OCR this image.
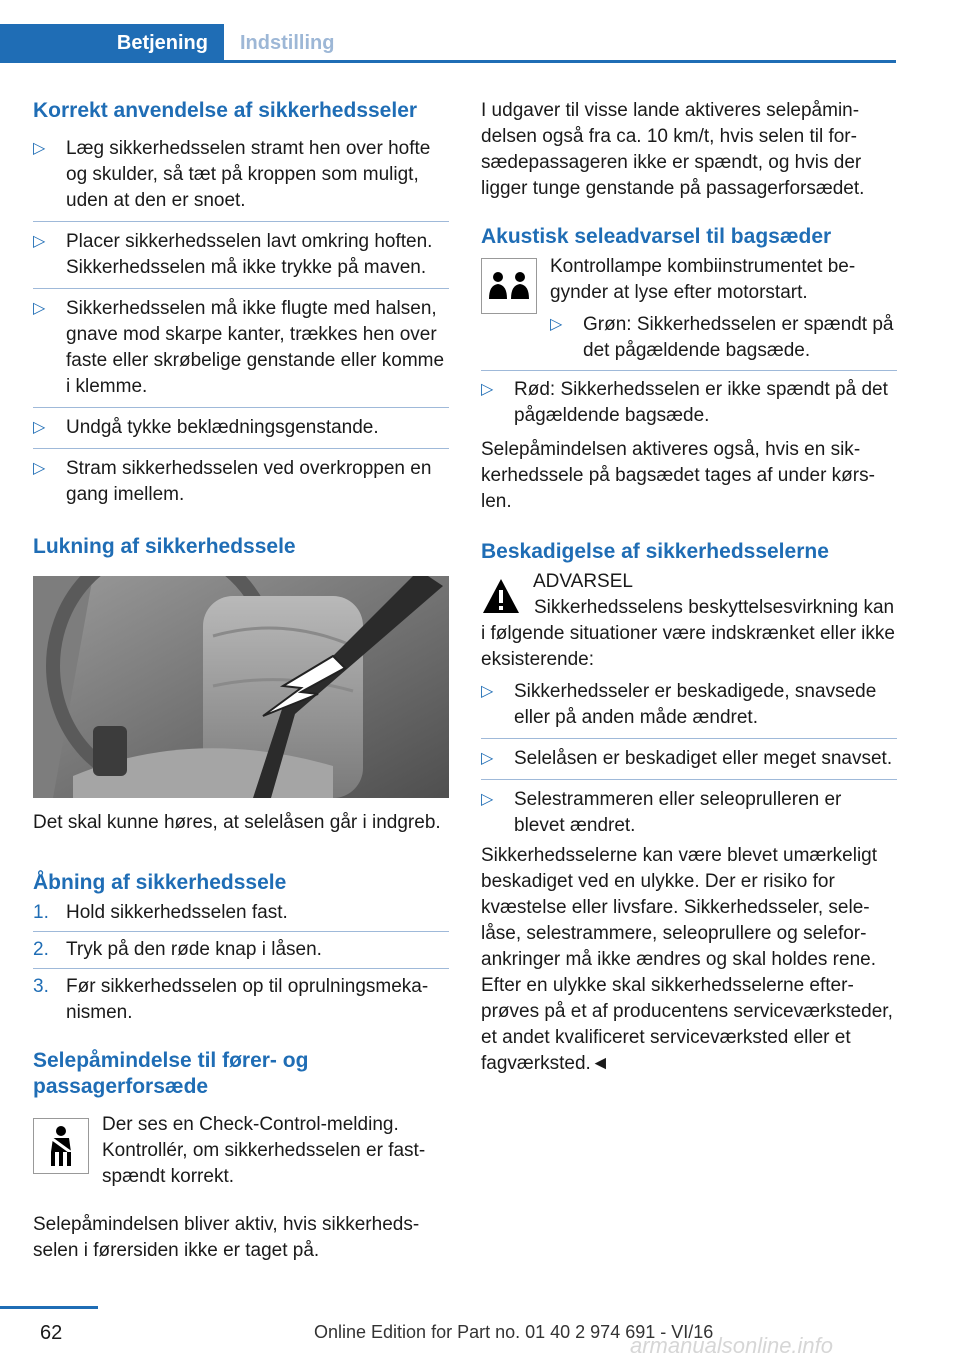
Betjening	Indstilling
Korrekt anvendelse af sikkerhedsseler
▷ Læg sikkerhedsselen stramt hen over hofte og skulder, så tæt på kroppen som muligt, uden at den er snoet.
▷ Placer sikkerhedsselen lavt omkring hoften. Sikkerhedsselen må ikke trykke på maven.
▷ Sikkerhedsselen må ikke flugte med halsen, gnave mod skarpe kanter, trækkes hen over faste eller skrøbelige genstande eller komme i klemme.
▷ Undgå tykke beklædningsgenstande.
▷ Stram sikkerhedsselen ved overkroppen en gang imellem.
Lukning af sikkerhedssele

Det skal kunne høres, at selelåsen går i indgreb.

Åbning af sikkerhedssele
1. Hold sikkerhedsselen fast.
2. Tryk på den røde knap i låsen.
3. Før sikkerhedsselen op til oprulningsmekanismen.
Selepåmindelse til fører- og passagerforsæde

Der ses en Check-Control-melding. Kontrollér, om sikkerhedsselen er fastspændt korrekt.

Selepåmindelsen bliver aktiv, hvis sikkerhedsselen i førersiden ikke er taget på.

I udgaver til visse lande aktiveres selepåmindelsen også fra ca. 10 km/t, hvis selen til forsædepassageren ikke er spændt, og hvis der ligger tunge genstande på passagerforsædet.

Akustisk seleadvarsel til bagsæder

Kontrollampe kombiinstrumentet begynder at lyse efter motorstart.

▷ Grøn: Sikkerhedsselen er spændt på det pågældende bagsæde.
▷ Rød: Sikkerhedsselen er ikke spændt på det pågældende bagsæde.

Selepåmindelsen aktiveres også, hvis en sikkerhedssele på bagsædet tages af under kørslen.

Beskadigelse af sikkerhedsselerne

ADVARSEL

Sikkerhedsselens beskyttelsesvirkning kan i følgende situationer være indskrænket eller ikke eksisterende:

▷ Sikkerhedsseler er beskadigede, snavsede eller på anden måde ændret.
▷ Selelåsen er beskadiget eller meget snavset.
▷ Selestrammeren eller seleoprulleren er blevet ændret.

Sikkerhedsselerne kan være blevet umærkeligt beskadiget ved en ulykke. Der er risiko for kvæstelse eller livsfare. Sikkerhedsseler, selelåse, selestrammere, seleoprullere og seleforankringer må ikke ændres og skal holdes rene. Efter en ulykke skal sikkerhedsselerne efterprøves på et af producentens serviceværksteder, et andet kvalificeret serviceværksted eller et fagværksted.◄

62	Online Edition for Part no. 01 40 2 974 691 - VI/16
armanualsonline.info
